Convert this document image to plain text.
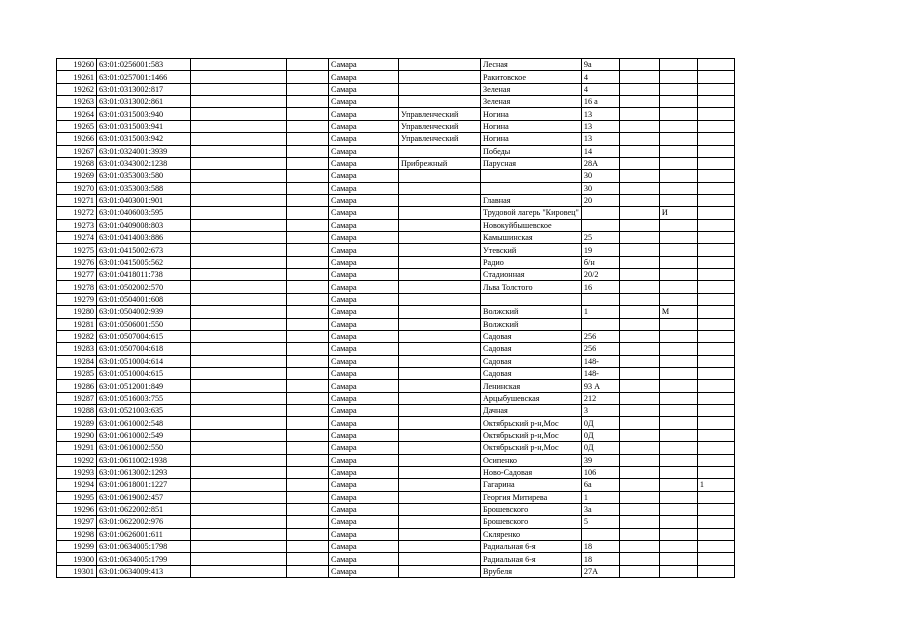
19260	63:01:0256001:583			Самара		Лесная	9а			
19261	63:01:0257001:1466			Самара		Ракитовское	4			
19262	63:01:0313002:817			Самара		Зеленая	4			
19263	63:01:0313002:861			Самара		Зеленая	16 а			
19264	63:01:0315003:940			Самара	Управленческий	Ногина	13			
19265	63:01:0315003:941			Самара	Управленческий	Ногина	13			
19266	63:01:0315003:942			Самара	Управленческий	Ногина	13			
19267	63:01:0324001:3939			Самара		Победы	14			
19268	63:01:0343002:1238			Самара	Прибрежный	Парусная	28А			
19269	63:01:0353003:580			Самара			30			
19270	63:01:0353003:588			Самара			30			
19271	63:01:0403001:901			Самара		Главная	20			
19272	63:01:0406003:595			Самара		Трудовой лагерь "Кировец"			И	
19273	63:01:0409008:803			Самара		Новокуйбышевское				
19274	63:01:0414003:886			Самара		Камышинская	25			
19275	63:01:0415002:673			Самара		Утевский	19			
19276	63:01:0415005:562			Самара		Радио	б/н			
19277	63:01:0418011:738			Самара		Стадионная	20/2			
19278	63:01:0502002:570			Самара		Льва Толстого	16			
19279	63:01:0504001:608			Самара						
19280	63:01:0504002:939			Самара		Волжский	1		М	
19281	63:01:0506001:550			Самара		Волжский				
19282	63:01:0507004:615			Самара		Садовая	256			
19283	63:01:0507004:618			Самара		Садовая	256			
19284	63:01:0510004:614			Самара		Садовая	148-			
19285	63:01:0510004:615			Самара		Садовая	148-			
19286	63:01:0512001:849			Самара		Ленинская	93 А			
19287	63:01:0516003:755			Самара		Арцыбушевская	212			
19288	63:01:0521003:635			Самара		Дачная	3			
19289	63:01:0610002:548			Самара		Октябрьский р-н,Мос	0Д			
19290	63:01:0610002:549			Самара		Октябрьский р-н,Мос	0Д			
19291	63:01:0610002:550			Самара		Октябрьский р-н,Мос	0Д			
19292	63:01:0611002:1938			Самара		Осипенко	39			
19293	63:01:0613002:1293			Самара		Ново-Садовая	106			
19294	63:01:0618001:1227			Самара		Гагарина	6а			1
19295	63:01:0619002:457			Самара		Георгия Митирева	1			
19296	63:01:0622002:851			Самара		Брошевского	3а			
19297	63:01:0622002:976			Самара		Брошевского	5			
19298	63:01:0626001:611			Самара		Скляренко				
19299	63:01:0634005:1798			Самара		Радиальная 6-я	18			
19300	63:01:0634005:1799			Самара		Радиальная 6-я	18			
19301	63:01:0634009:413			Самара		Врубеля	27А			
